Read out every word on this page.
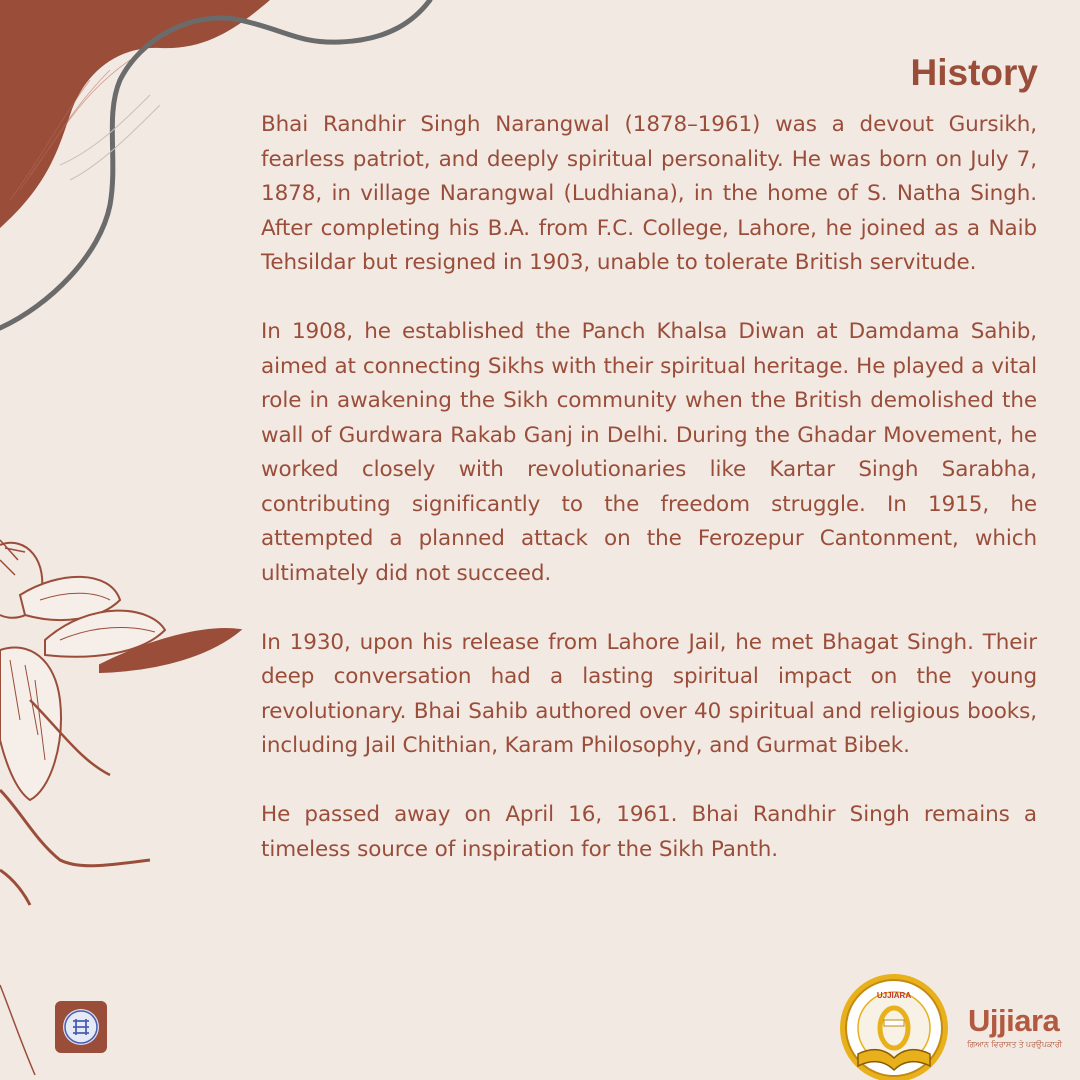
History

Bhai Randhir Singh Narangwal (1878–1961) was a devout Gursikh, fearless patriot, and deeply spiritual personality. He was born on July 7, 1878, in village Narangwal (Ludhiana), in the home of S. Natha Singh. After completing his B.A. from F.C. College, Lahore, he joined as a Naib Tehsildar but resigned in 1903, unable to tolerate British servitude.

In 1908, he established the Panch Khalsa Diwan at Damdama Sahib, aimed at connecting Sikhs with their spiritual heritage. He played a vital role in awakening the Sikh community when the British demolished the wall of Gurdwara Rakab Ganj in Delhi. During the Ghadar Movement, he worked closely with revolutionaries like Kartar Singh Sarabha, contributing significantly to the freedom struggle. In 1915, he attempted a planned attack on the Ferozepur Cantonment, which ultimately did not succeed.

In 1930, upon his release from Lahore Jail, he met Bhagat Singh. Their deep conversation had a lasting spiritual impact on the young revolutionary. Bhai Sahib authored over 40 spiritual and religious books, including Jail Chithian, Karam Philosophy, and Gurmat Bibek.

He passed away on April 16, 1961. Bhai Randhir Singh remains a timeless source of inspiration for the Sikh Panth.

UJJIARA

Ujjiara

ਗਿਆਨ ਵਿਰਾਸਤ ਤੇ ਪਰਉਪਕਾਰੀ
